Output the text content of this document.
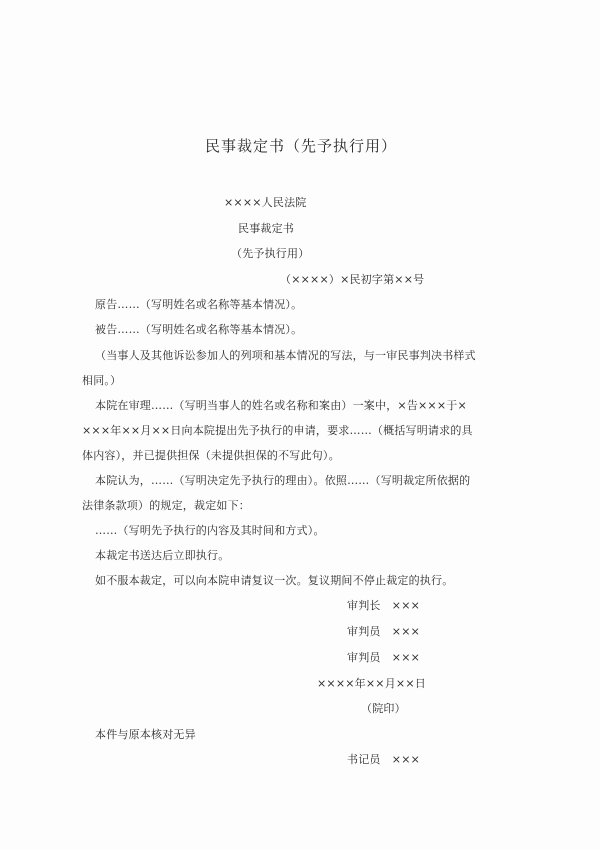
民事裁定书（先予执行用）
××××人民法院
民事裁定书
（先予执行用）
（××××）×民初字第××号
原告……（写明姓名或名称等基本情况）。
被告……（写明姓名或名称等基本情况）。
（当事人及其他诉讼参加人的列项和基本情况的写法，与一审民事判决书样式
相同。）
本院在审理……（写明当事人的姓名或名称和案由）一案中，×告×××于×
×××年××月××日向本院提出先予执行的申请，要求……（概括写明请求的具
体内容），并已提供担保（未提供担保的不写此句）。
本院认为，……（写明决定先予执行的理由）。依照……（写明裁定所依据的
法律条款项）的规定，裁定如下：
……（写明先予执行的内容及其时间和方式）。
本裁定书送达后立即执行。
如不服本裁定，可以向本院申请复议一次。复议期间不停止裁定的执行。
审判长　×××
审判员　×××
审判员　×××
××××年××月××日
（院印）
本件与原本核对无异
书记员　×××
